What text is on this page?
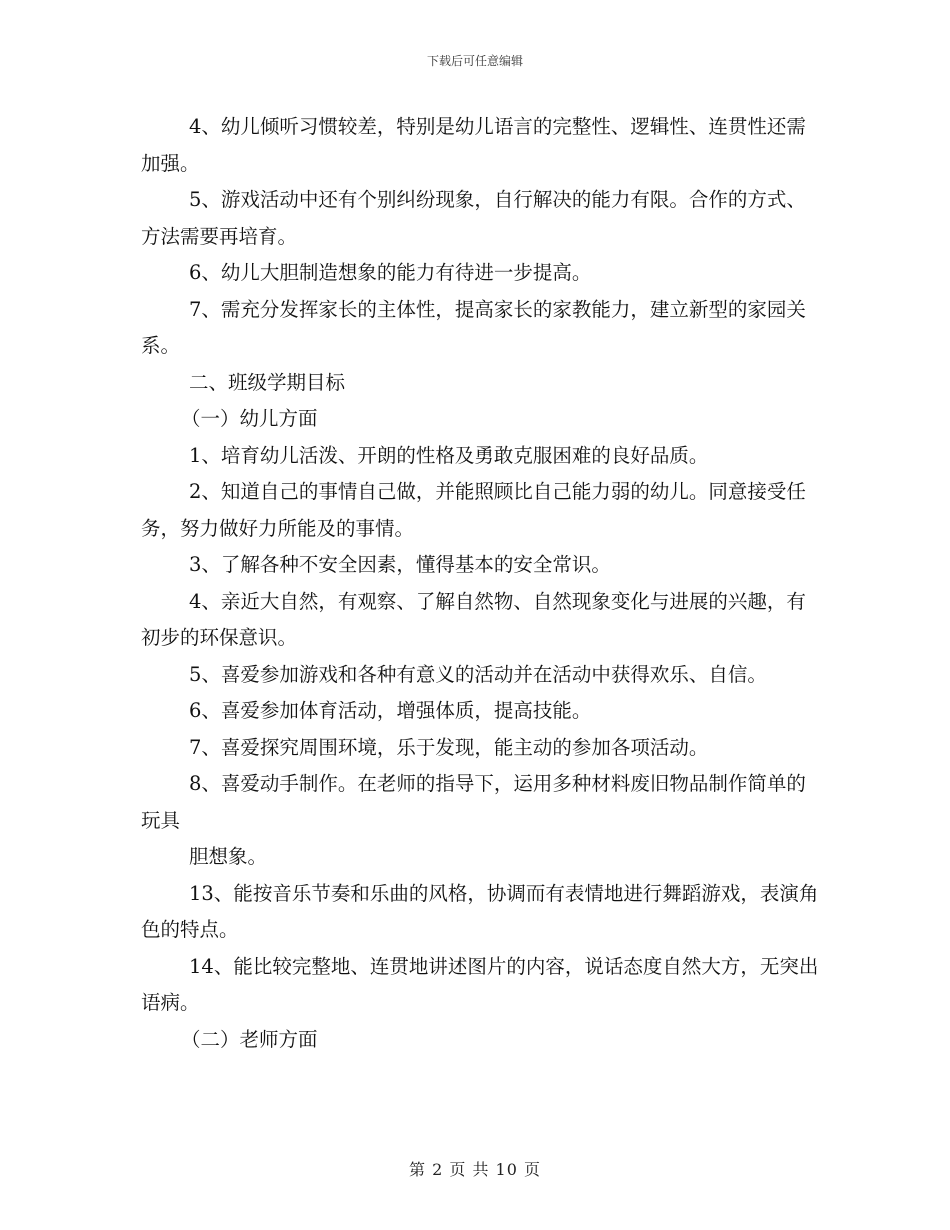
下载后可任意编辑

4、幼儿倾听习惯较差，特别是幼儿语言的完整性、逻辑性、连贯性还需加强。

5、游戏活动中还有个别纠纷现象，自行解决的能力有限。合作的方式、方法需要再培育。

6、幼儿大胆制造想象的能力有待进一步提高。

7、需充分发挥家长的主体性，提高家长的家教能力，建立新型的家园关系。

二、班级学期目标

（一）幼儿方面

1、培育幼儿活泼、开朗的性格及勇敢克服困难的良好品质。

2、知道自己的事情自己做，并能照顾比自己能力弱的幼儿。同意接受任务，努力做好力所能及的事情。

3、了解各种不安全因素，懂得基本的安全常识。

4、亲近大自然，有观察、了解自然物、自然现象变化与进展的兴趣，有初步的环保意识。

5、喜爱参加游戏和各种有意义的活动并在活动中获得欢乐、自信。

6、喜爱参加体育活动，增强体质，提高技能。

7、喜爱探究周围环境，乐于发现，能主动的参加各项活动。

8、喜爱动手制作。在老师的指导下，运用多种材料废旧物品制作简单的玩具

胆想象。

13、能按音乐节奏和乐曲的风格，协调而有表情地进行舞蹈游戏，表演角色的特点。

14、能比较完整地、连贯地讲述图片的内容，说话态度自然大方，无突出语病。

（二）老师方面

第 2 页 共 10 页
